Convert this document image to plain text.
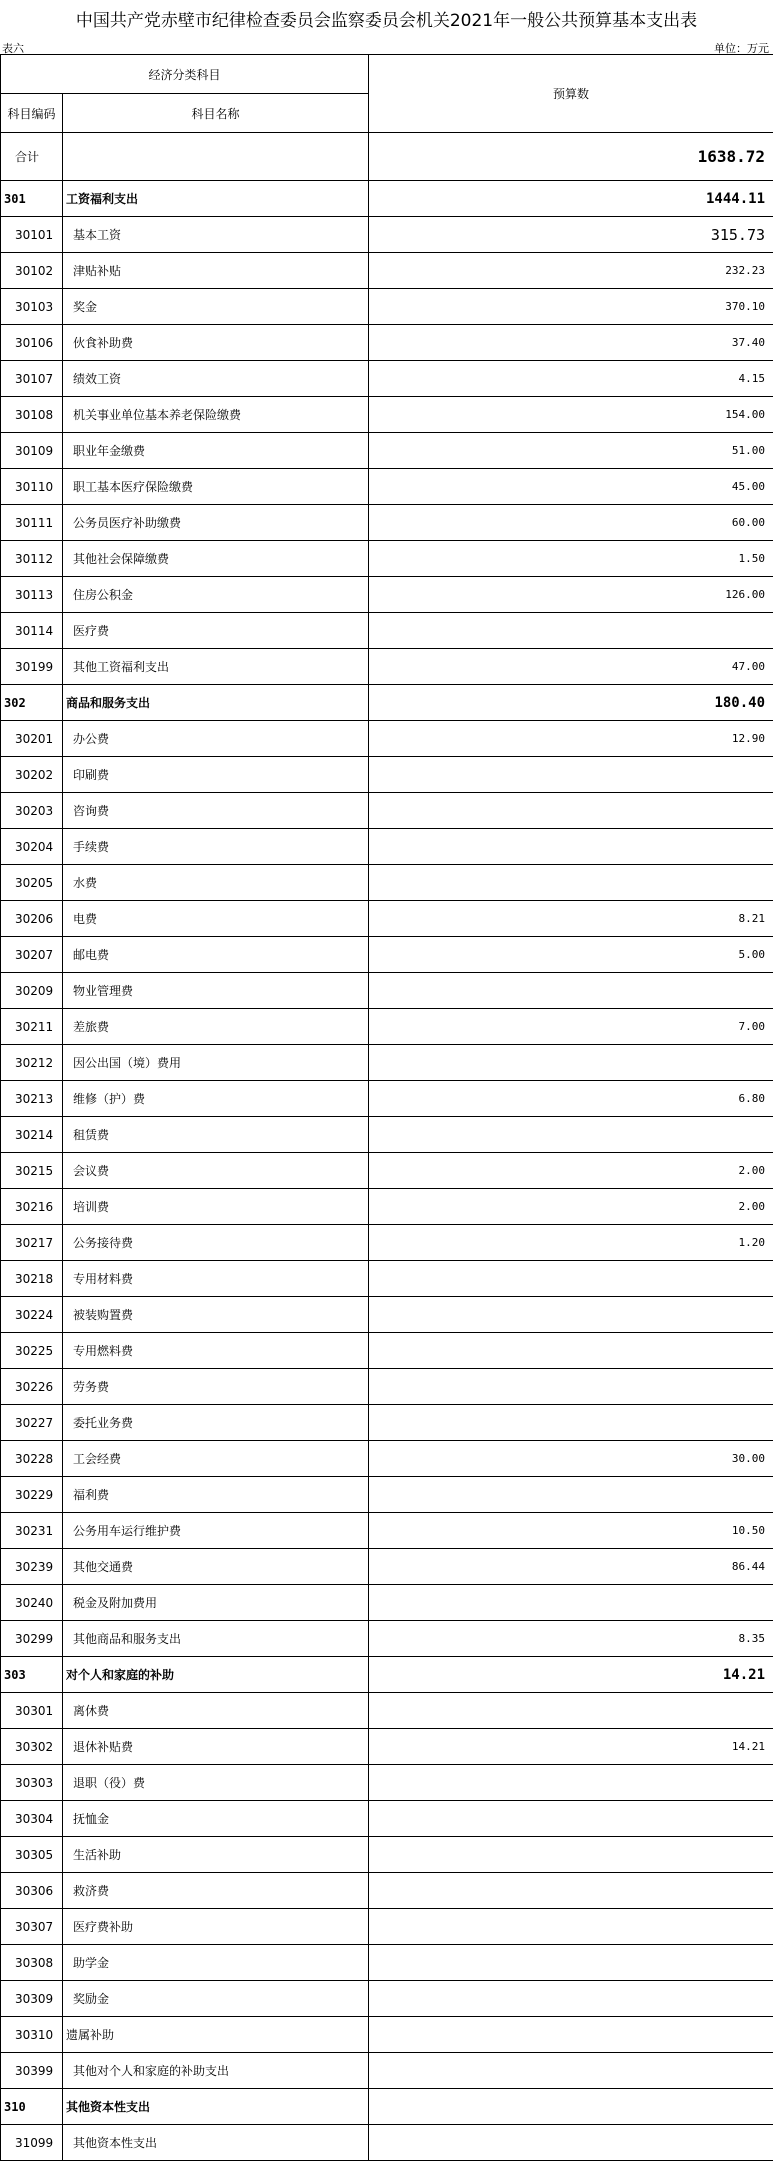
中国共产党赤壁市纪律检查委员会监察委员会机关2021年一般公共预算基本支出表
表六	单位：万元
经济分类科目		预算数
科目编码	科目名称	
合计		1638.72
301	工资福利支出	1444.11
30101	基本工资	315.73
30102	津贴补贴	232.23
30103	奖金	370.10
30106	伙食补助费	37.40
30107	绩效工资	4.15
30108	机关事业单位基本养老保险缴费	154.00
30109	职业年金缴费	51.00
30110	职工基本医疗保险缴费	45.00
30111	公务员医疗补助缴费	60.00
30112	其他社会保障缴费	1.50
30113	住房公积金	126.00
30114	医疗费	
30199	其他工资福利支出	47.00
302	商品和服务支出	180.40
30201	办公费	12.90
30202	印刷费	
30203	咨询费	
30204	手续费	
30205	水费	
30206	电费	8.21
30207	邮电费	5.00
30209	物业管理费	
30211	差旅费	7.00
30212	因公出国（境）费用	
30213	维修（护）费	6.80
30214	租赁费	
30215	会议费	2.00
30216	培训费	2.00
30217	公务接待费	1.20
30218	专用材料费	
30224	被装购置费	
30225	专用燃料费	
30226	劳务费	
30227	委托业务费	
30228	工会经费	30.00
30229	福利费	
30231	公务用车运行维护费	10.50
30239	其他交通费	86.44
30240	税金及附加费用	
30299	其他商品和服务支出	8.35
303	对个人和家庭的补助	14.21
30301	离休费	
30302	退休补贴费	14.21
30303	退职（役）费	
30304	抚恤金	
30305	生活补助	
30306	救济费	
30307	医疗费补助	
30308	助学金	
30309	奖励金	
30310	遗属补助	
30399	其他对个人和家庭的补助支出	
310	其他资本性支出	
31099	其他资本性支出	
